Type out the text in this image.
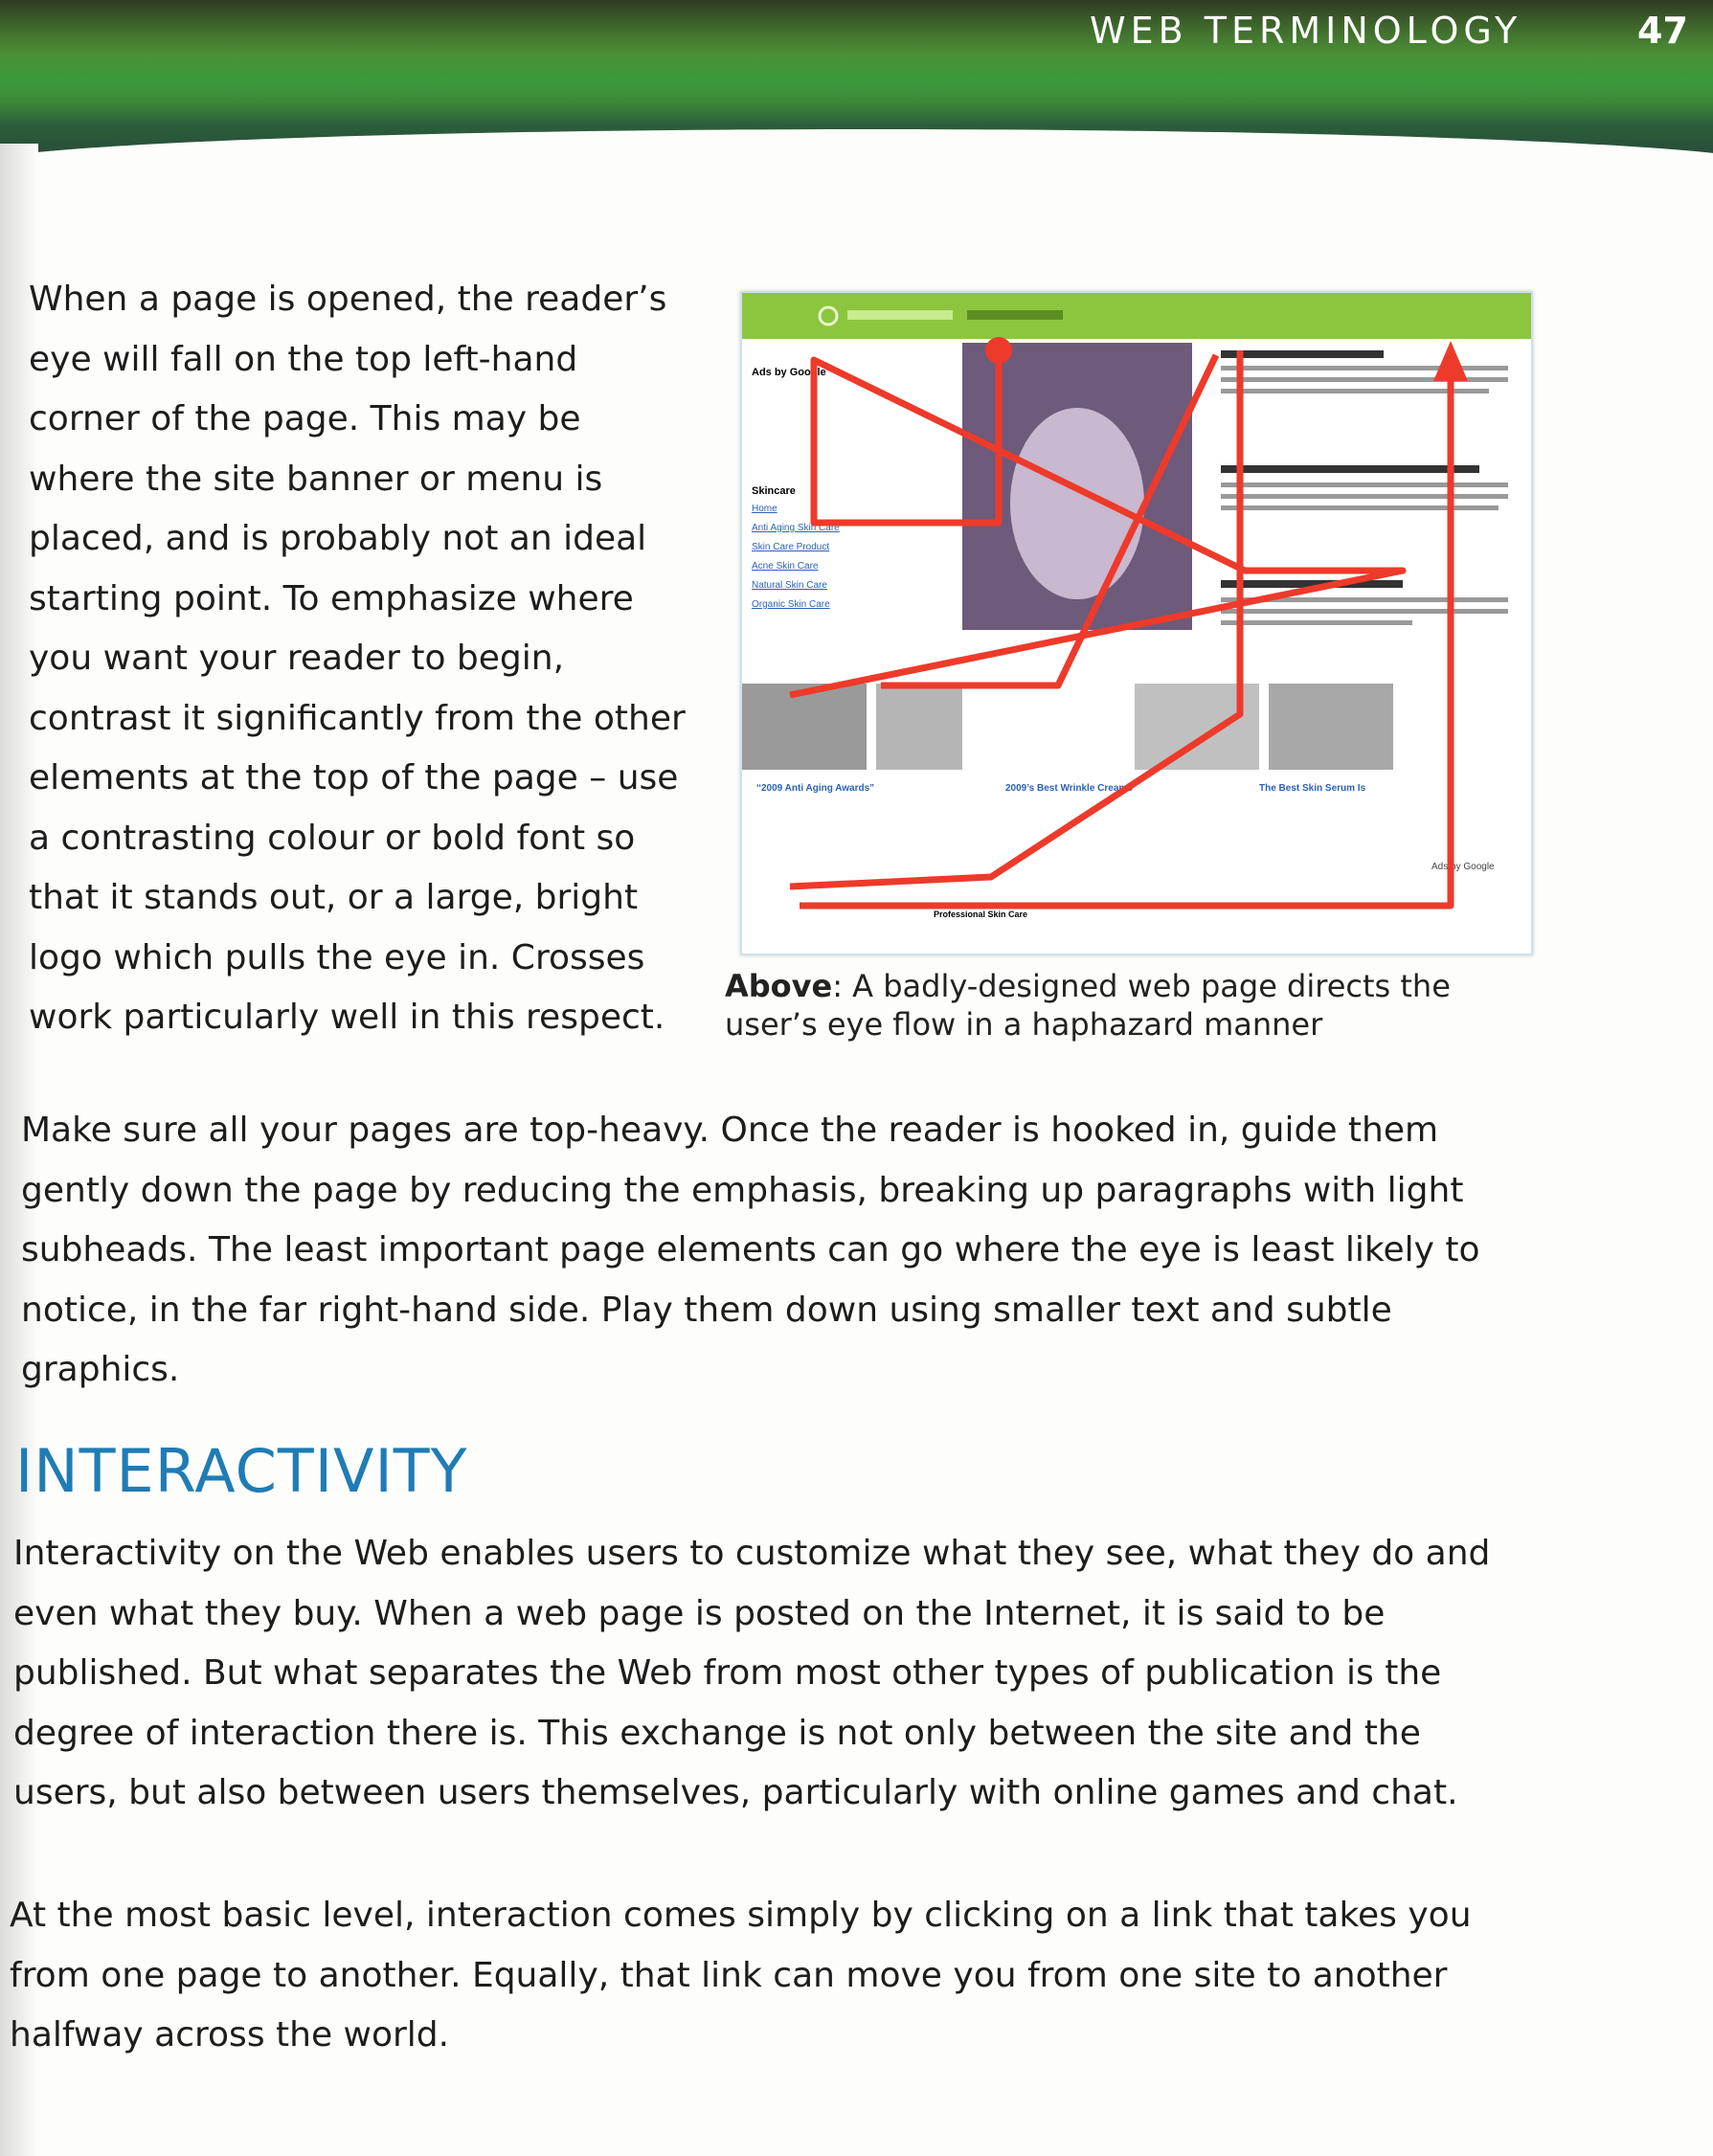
WEB TERMINOLOGY	47

When a page is opened, the reader’s eye will fall on the top left-hand corner of the page. This may be where the site banner or menu is placed, and is probably not an ideal starting point. To emphasize where you want your reader to begin, contrast it significantly from the other elements at the top of the page – use a contrasting colour or bold font so that it stands out, or a large, bright logo which pulls the eye in. Crosses work particularly well in this respect.

Ads by Google
Skincare
Home
Anti Aging Skin Care
Skin Care Product
Acne Skin Care
Natural Skin Care
Organic Skin Care
“2009 Anti Aging Awards”	2009’s Best Wrinkle Creams	The Best Skin Serum Is
Ads by Google
Professional Skin Care
Above: A badly-designed web page directs the user’s eye flow in a haphazard manner

Make sure all your pages are top-heavy. Once the reader is hooked in, guide them gently down the page by reducing the emphasis, breaking up paragraphs with light subheads. The least important page elements can go where the eye is least likely to notice, in the far right-hand side. Play them down using smaller text and subtle graphics.

INTERACTIVITY

Interactivity on the Web enables users to customize what they see, what they do and even what they buy. When a web page is posted on the Internet, it is said to be published. But what separates the Web from most other types of publication is the degree of interaction there is. This exchange is not only between the site and the users, but also between users themselves, particularly with online games and chat.

At the most basic level, interaction comes simply by clicking on a link that takes you from one page to another. Equally, that link can move you from one site to another halfway across the world.
